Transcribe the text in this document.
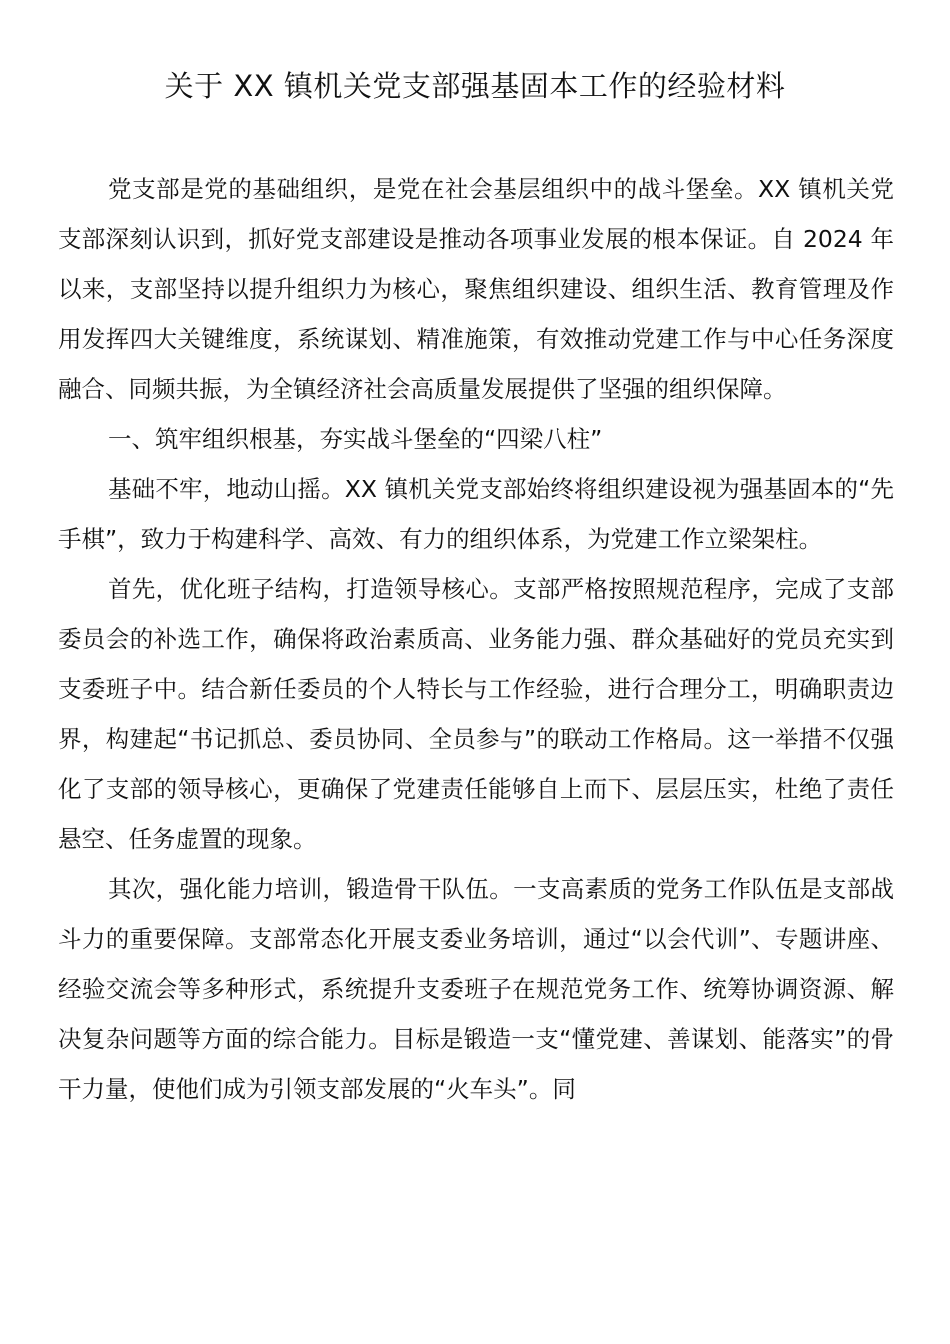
关于 XX 镇机关党支部强基固本工作的经验材料

党支部是党的基础组织，是党在社会基层组织中的战斗堡垒。XX 镇机关党支部深刻认识到，抓好党支部建设是推动各项事业发展的根本保证。自 2024 年以来，支部坚持以提升组织力为核心，聚焦组织建设、组织生活、教育管理及作用发挥四大关键维度，系统谋划、精准施策，有效推动党建工作与中心任务深度融合、同频共振，为全镇经济社会高质量发展提供了坚强的组织保障。

一、筑牢组织根基，夯实战斗堡垒的“四梁八柱”

基础不牢，地动山摇。XX 镇机关党支部始终将组织建设视为强基固本的“先手棋”，致力于构建科学、高效、有力的组织体系，为党建工作立梁架柱。

首先，优化班子结构，打造领导核心。支部严格按照规范程序，完成了支部委员会的补选工作，确保将政治素质高、业务能力强、群众基础好的党员充实到支委班子中。结合新任委员的个人特长与工作经验，进行合理分工，明确职责边界，构建起“书记抓总、委员协同、全员参与”的联动工作格局。这一举措不仅强化了支部的领导核心，更确保了党建责任能够自上而下、层层压实，杜绝了责任悬空、任务虚置的现象。

其次，强化能力培训，锻造骨干队伍。一支高素质的党务工作队伍是支部战斗力的重要保障。支部常态化开展支委业务培训，通过“以会代训”、专题讲座、经验交流会等多种形式，系统提升支委班子在规范党务工作、统筹协调资源、解决复杂问题等方面的综合能力。目标是锻造一支“懂党建、善谋划、能落实”的骨干力量，使他们成为引领支部发展的“火车头”。同
